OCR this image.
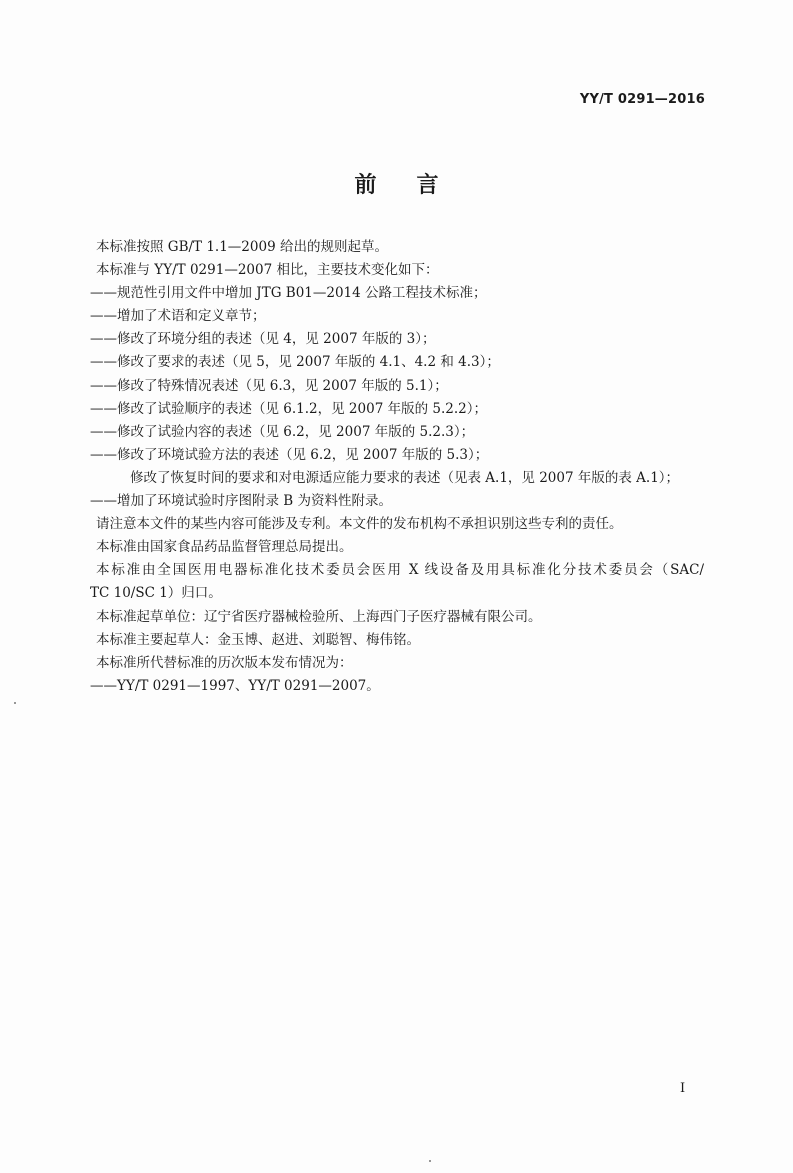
YY/T 0291—2016
前言
本标准按照 GB/T 1.1—2009 给出的规则起草。
本标准与 YY/T 0291—2007 相比，主要技术变化如下：
——规范性引用文件中增加 JTG B01—2014 公路工程技术标准；
——增加了术语和定义章节；
——修改了环境分组的表述（见 4，见 2007 年版的 3）；
——修改了要求的表述（见 5，见 2007 年版的 4.1、4.2 和 4.3）；
——修改了特殊情况表述（见 6.3，见 2007 年版的 5.1）；
——修改了试验顺序的表述（见 6.1.2，见 2007 年版的 5.2.2）；
——修改了试验内容的表述（见 6.2，见 2007 年版的 5.2.3）；
——修改了环境试验方法的表述（见 6.2，见 2007 年版的 5.3）；
修改了恢复时间的要求和对电源适应能力要求的表述（见表 A.1，见 2007 年版的表 A.1）；
——增加了环境试验时序图附录 B 为资料性附录。
请注意本文件的某些内容可能涉及专利。本文件的发布机构不承担识别这些专利的责任。
本标准由国家食品药品监督管理总局提出。
本标准由全国医用电器标准化技术委员会医用 X 线设备及用具标准化分技术委员会（SAC/
TC 10/SC 1）归口。
本标准起草单位：辽宁省医疗器械检验所、上海西门子医疗器械有限公司。
本标准主要起草人：金玉博、赵进、刘聪智、梅伟铭。
本标准所代替标准的历次版本发布情况为：
——YY/T 0291—1997、YY/T 0291—2007。
I
